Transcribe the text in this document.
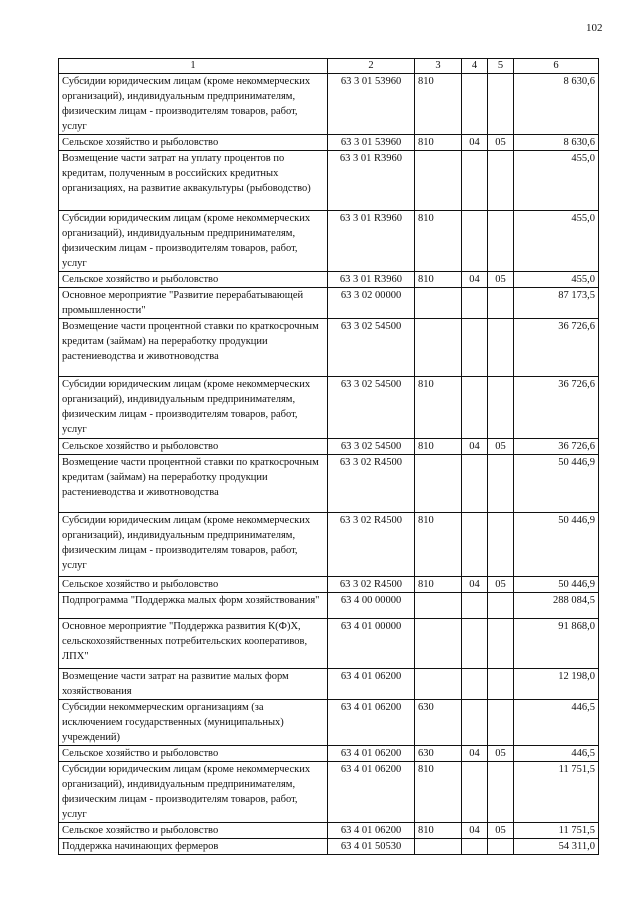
102
1	2	3	4	5	6
Субсидии юридическим лицам (кроме некоммерческих организаций), индивидуальным предпринимателям, физическим лицам - производителям товаров, работ, услуг	63 3 01 53960	810			8 630,6
Сельское хозяйство и рыболовство	63 3 01 53960	810	04	05	8 630,6
Возмещение части затрат на уплату процентов по кредитам, полученным в российских кредитных организациях, на развитие аквакультуры (рыбоводство)	63 3 01 R3960				455,0
Субсидии юридическим лицам (кроме некоммерческих организаций), индивидуальным предпринимателям, физическим лицам - производителям товаров, работ, услуг	63 3 01 R3960	810			455,0
Сельское хозяйство и рыболовство	63 3 01 R3960	810	04	05	455,0
Основное мероприятие "Развитие перерабатывающей промышленности"	63 3 02 00000				87 173,5
Возмещение части процентной ставки по краткосрочным кредитам (займам) на переработку продукции растениеводства и животноводства	63 3 02 54500				36 726,6
Субсидии юридическим лицам (кроме некоммерческих организаций), индивидуальным предпринимателям, физическим лицам - производителям товаров, работ, услуг	63 3 02 54500	810			36 726,6
Сельское хозяйство и рыболовство	63 3 02 54500	810	04	05	36 726,6
Возмещение части процентной ставки по краткосрочным кредитам (займам) на переработку продукции растениеводства и животноводства	63 3 02 R4500				50 446,9
Субсидии юридическим лицам (кроме некоммерческих организаций), индивидуальным предпринимателям, физическим лицам - производителям товаров, работ, услуг	63 3 02 R4500	810			50 446,9
Сельское хозяйство и рыболовство	63 3 02 R4500	810	04	05	50 446,9
Подпрограмма "Поддержка малых форм хозяйствования"	63 4 00 00000				288 084,5
Основное мероприятие "Поддержка развития К(Ф)Х, сельскохозяйственных потребительских кооперативов, ЛПХ"	63 4 01 00000				91 868,0
Возмещение части затрат на развитие малых форм хозяйствования	63 4 01 06200				12 198,0
Субсидии некоммерческим организациям (за исключением государственных (муниципальных) учреждений)	63 4 01 06200	630			446,5
Сельское хозяйство и рыболовство	63 4 01 06200	630	04	05	446,5
Субсидии юридическим лицам (кроме некоммерческих организаций), индивидуальным предпринимателям, физическим лицам - производителям товаров, работ, услуг	63 4 01 06200	810			11 751,5
Сельское хозяйство и рыболовство	63 4 01 06200	810	04	05	11 751,5
Поддержка начинающих фермеров	63 4 01 50530				54 311,0
